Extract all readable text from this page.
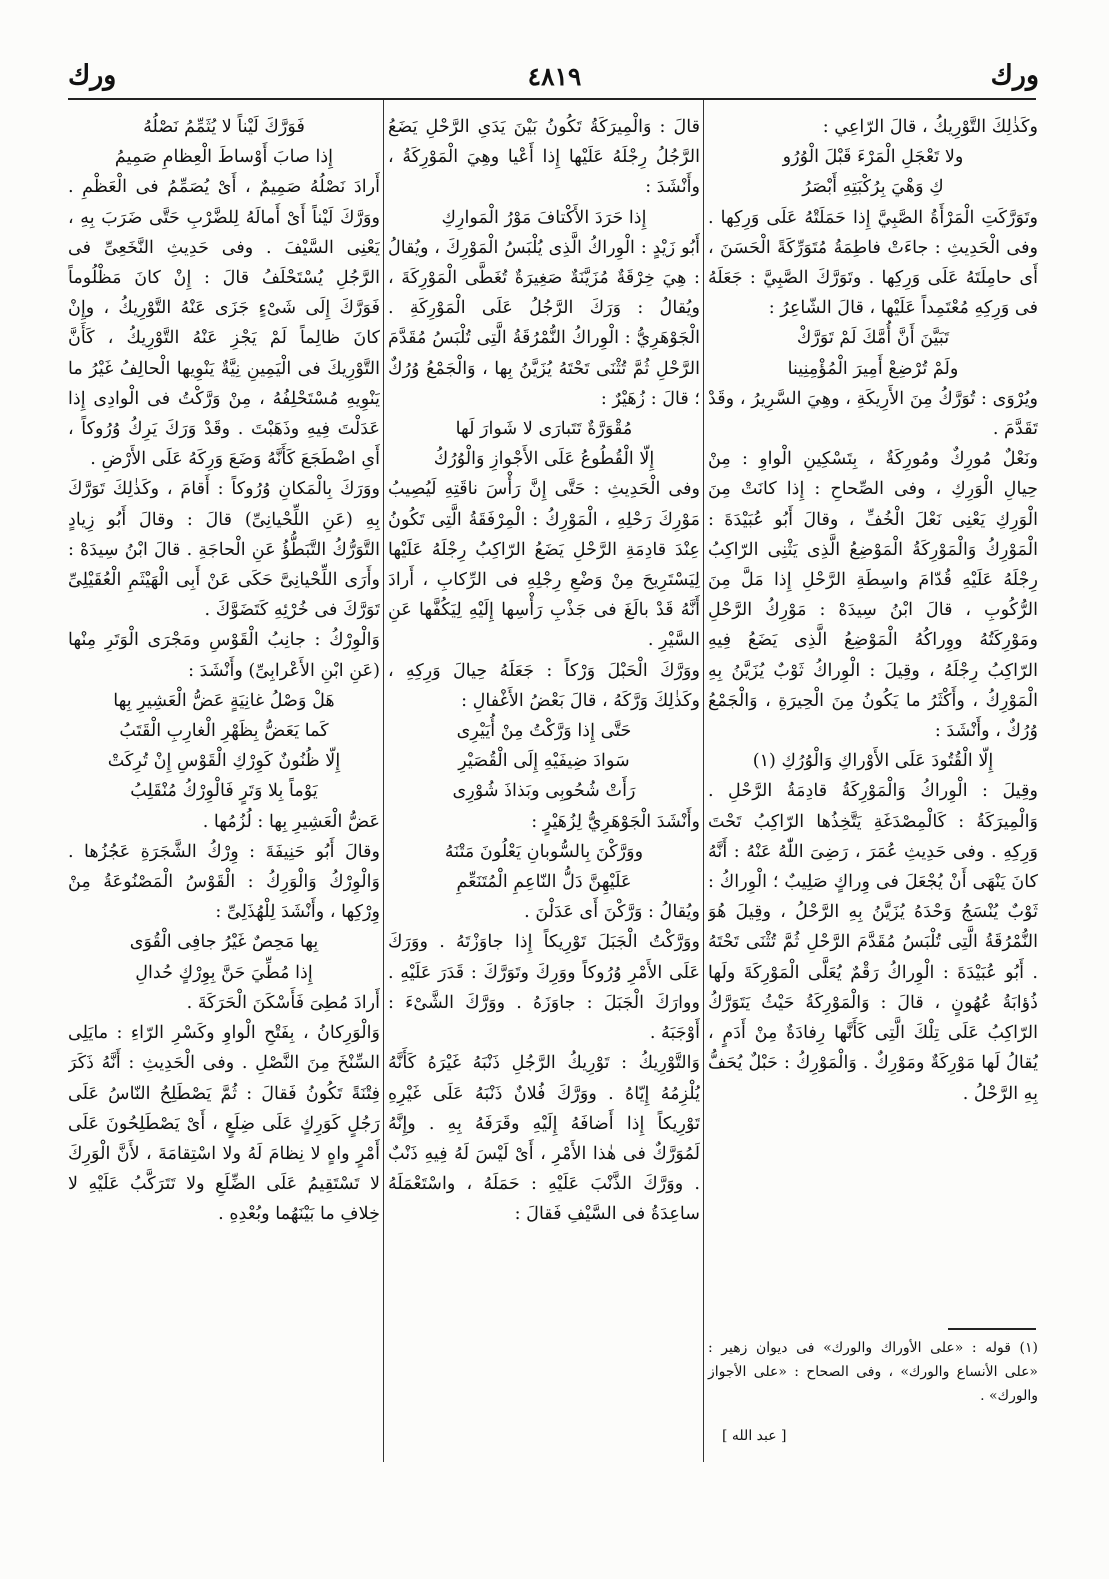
ورك	٤٨١٩	ورك

وكَذٰلِكَ التَّوْرِيكُ ، قالَ الرّاعِي :

ولا تَعْجَلِ الْمَرْءَ قَبْلَ الْوُرُو

كِ وَهْيَ بِرُكْبَتِهِ أَبْصَرُ

وتَوَرَّكَتِ الْمَرْأَةُ الصَّبِيَّ إِذا حَمَلَتْهُ عَلَى وَرِكِها . وفى الْحَدِيثِ : جاءَتْ فاطِمَةُ مُتَوَرِّكَةً الْحَسَنَ ، أَى حامِلَتَهُ عَلَى وَرِكِها . وتَوَرَّكَ الصَّبِيَّ : جَعَلَهُ فى وَرِكِهِ مُعْتَمِداً عَلَيْها ، قالَ الشّاعِرُ :

تَبَيَّنَ أَنَّ أُمَّكَ لَمْ تَوَرَّكْ

ولَمْ تُرْضِعْ أَمِيرَ الْمُؤْمِنِينا

ويُرْوَى : تُوَرَّكُ مِنَ الأَرِيكَةِ ، وهِيَ السَّرِيرُ ، وقَدْ تَقَدَّمَ .

ونَعْلٌ مُورِكٌ ومُورِكَةٌ ، بِتَسْكِينِ الْواوِ : مِنْ حِيالِ الْوَرِكِ ، وفى الصِّحاحِ : إِذا كانَتْ مِنَ الْوَرِكِ يَعْنِى نَعْلَ الْخُفِّ ، وقالَ أَبُو عُبَيْدَةَ : الْمَوْرِكُ وَالْمَوْرِكَةُ الْمَوْضِعُ الَّذِى يَثْنِى الرّاكِبُ رِجْلَهُ عَلَيْهِ قُدّامَ واسِطَةِ الرَّحْلِ إِذا مَلَّ مِنَ الرُّكُوبِ ، قالَ ابْنُ سِيدَهْ : مَوْرِكُ الرَّحْلِ ومَوْرِكَتُهُ ووِراكُهُ الْمَوْضِعُ الَّذِى يَضَعُ فِيهِ الرّاكِبُ رِجْلَهُ ، وقِيلَ : الْوِراكُ ثَوْبٌ يُزَيَّنُ بِهِ الْمَوْرِكُ ، وأَكْثَرُ ما يَكُونُ مِنَ الْحِيرَةِ ، وَالْجَمْعُ وُرُكٌ ، وأَنْشَدَ :

إِلّا الْقُتُودَ عَلَى الأَوْراكِ وَالْوُرُكِ (١)

وقِيلَ : الْوِراكُ وَالْمَوْرِكَةُ قادِمَةُ الرَّحْلِ . وَالْمِيرَكَةُ : كَالْمِصْدَغَةِ يَتَّخِذُها الرّاكِبُ تَحْتَ وَرِكِهِ . وفى حَدِيثِ عُمَرَ ، رَضِىَ اللّٰهُ عَنْهُ : أَنَّهُ كانَ يَنْهَى أَنْ يُجْعَلَ فى وِراكٍ صَلِيبٌ ؛ الْوِراكُ : ثَوْبٌ يُنْسَجُ وَحْدَهُ يُزَيَّنُ بِهِ الرَّحْلُ ، وقِيلَ هُوَ النُّمْرُقَةُ الَّتِى تُلْبَسُ مُقَدَّمَ الرَّحْلِ ثُمَّ تُثْنَى تَحْتَهُ . أَبُو عُبَيْدَةَ : الْوِراكُ رَقْمٌ يُعَلَّى الْمَوْرِكَةَ ولَها ذُؤابَةُ عُهُونٍ ، قالَ : وَالْمَوْرِكَةُ حَيْثُ يَتَوَرَّكُ الرّاكِبُ عَلَى تِلْكَ الَّتِى كَأَنَّها رِفادَةٌ مِنْ أَدَمٍ ، يُقالُ لَها مَوْرِكَةٌ ومَوْرِكٌ . وَالْمَوْرِكُ : حَبْلٌ يُحَفُّ بِهِ الرَّحْلُ .

قالَ : وَالْمِيرَكَةُ تَكُونُ بَيْنَ يَدَىِ الرَّحْلِ يَضَعُ الرَّجُلُ رِجْلَهُ عَلَيْها إِذا أَعْيا وهِيَ الْمَوْرِكَةُ ، وأَنْشَدَ :

إِذا حَرَدَ الأَكْتافَ مَوْرُ الْمَوارِكِ

أَبُو زَيْدٍ : الْوِراكُ الَّذِى يُلْبَسُ الْمَوْرِكَ ، ويُقالُ : هِيَ خِرْقَةٌ مُزَيَّنَةٌ صَغِيرَةٌ تُغَطَّى الْمَوْرِكَةَ ، ويُقالُ : وَرَكَ الرَّجُلُ عَلَى الْمَوْرِكَةِ . الْجَوْهَرِيُّ : الْوِراكُ النُّمْرُقَةُ الَّتِى تُلْبَسُ مُقَدَّمَ الرَّحْلِ ثُمَّ تُثْنَى تَحْتَهُ يُزَيَّنُ بِها ، وَالْجَمْعُ وُرُكٌ ؛ قالَ : زُهَيْرٌ :

مُقْوَرَّةٌ تَتَبارَى لا شَوارَ لَها

إِلّا الْقُطُوعُ عَلَى الأَجْوازِ وَالْوُرُكُ

وفى الْحَدِيثِ : حَتَّى إِنَّ رَأْسَ ناقَتِهِ لَيُصِيبُ مَوْرِكَ رَحْلِهِ ، الْمَوْرِكُ : الْمِرْفَقَةُ الَّتِى تَكُونُ عِنْدَ قادِمَةِ الرَّحْلِ يَضَعُ الرّاكِبُ رِجْلَهُ عَلَيْها لِيَسْتَرِيحَ مِنْ وَضْعِ رِجْلِهِ فى الرِّكابِ ، أَرادَ أَنَّهُ قَدْ بالَغَ فى جَذْبِ رَأْسِها إِلَيْهِ لِيَكُفَّها عَنِ السَّيْرِ .

ووَرَّكَ الْحَبْلَ وَرْكاً : جَعَلَهُ حِيالَ وَرِكِهِ ، وكَذٰلِكَ وَرَّكَهُ ، قالَ بَعْضُ الأَغْفالِ :

حَتَّى إِذا وَرَّكْتُ مِنْ أُيَيْرِى

سَوادَ ضِيفَيْهِ إِلَى الْقُصَيْرِ

رَأَتْ شُحُوبِى وبَذاذَ شُوْرِى

وأَنْشَدَ الْجَوْهَرِيُّ لِزُهَيْرٍ :

ووَرَّكْنَ بِالسُّوبانِ يَعْلُونَ مَتْنَهُ

عَلَيْهِنَّ دَلُّ النّاعِمِ الْمُتَنَعِّمِ

ويُقالُ : وَرَّكْنَ أَى عَدَلْنَ .

ووَرَّكْتُ الْجَبَلَ تَوْرِيكاً إِذا جاوَزْتَهُ . ووَرَكَ عَلَى الأَمْرِ وُرُوكاً ووَرِكَ وتَوَرَّكَ : قَدَرَ عَلَيْهِ . ووارَكَ الْجَبَلَ : جاوَزَهُ . ووَرَّكَ الشَّىْءَ : أَوْجَبَهُ .

وَالتَّوْرِيكُ : تَوْرِيكُ الرَّجُلِ ذَنْبَهُ غَيْرَهُ كَأَنَّهُ يُلْزِمُهُ إِيّاهُ . ووَرَّكَ فُلانٌ ذَنْبَهُ عَلَى غَيْرِهِ تَوْرِيكاً إِذا أَضافَهُ إِلَيْهِ وقَرَفَهُ بِهِ . وإِنَّهُ لَمُوَرَّكٌ فى هٰذا الأَمْرِ ، أَىْ لَيْسَ لَهُ فِيهِ ذَنْبٌ . ووَرَّكَ الذَّنْبَ عَلَيْهِ : حَمَلَهُ ، واسْتَعْمَلَهُ ساعِدَةُ فى السَّيْفِ فَقالَ :

فَوَرَّكَ لَيْناً لا يُثَمِّمُ نَصْلُهُ

إِذا صابَ أَوْساطَ الْعِظامِ صَمِيمُ

أَرادَ نَصْلُهُ صَمِيمٌ ، أَىْ يُصَمِّمُ فى الْعَظْمِ . ووَرَّكَ لَيْناً أَىْ أَمالَهُ لِلضَّرْبِ حَتَّى ضَرَبَ بِهِ ، يَعْنِى السَّيْفَ . وفى حَدِيثِ النَّخَعِىِّ فى الرَّجُلِ يُسْتَحْلَفُ قالَ : إِنْ كانَ مَظْلُوماً فَوَرَّكَ إِلَى شَىْءٍ جَزَى عَنْهُ التَّوْرِيكُ ، وإِنْ كانَ ظالِماً لَمْ يَجْزِ عَنْهُ التَّوْرِيكُ ، كَأَنَّ التَّوْرِيكَ فى الْيَمِينِ نِيَّةٌ يَنْوِيها الْحالِفُ غَيْرُ ما يَنْوِيهِ مُسْتَحْلِفُهُ ، مِنْ وَرَّكْتُ فى الْوادِى إِذا عَدَلْتَ فِيهِ وذَهَبْتَ . وقَدْ وَرَكَ يَرِكُ وُرُوكاً ، أَىِ اضْطَجَعَ كَأَنَّهُ وَضَعَ وَرِكَهُ عَلَى الأَرْضِ .

ووَرَكَ بِالْمَكانِ وُرُوكاً : أَقامَ ، وكَذٰلِكَ تَوَرَّكَ بِهِ (عَنِ اللِّحْيانِىِّ) قالَ : وقالَ أَبُو زِيادٍ التَّوَرُّكُ التَّبَطُّؤُ عَنِ الْحاجَةِ . قالَ ابْنُ سِيدَهْ : وأَرَى اللِّحْيانِىَّ حَكَى عَنْ أَبِى الْهَيْثَمِ الْعُقَيْلِىِّ تَوَرَّكَ فى خُرْئِهِ كَتَضَوَّكَ .

وَالْوِرْكُ : جانِبُ الْقَوْسِ ومَجْرَى الْوَتَرِ مِنْها (عَنِ ابْنِ الأَعْرابِىِّ) وأَنْشَدَ :

هَلْ وَصْلُ غانِيَةٍ عَضُّ الْعَشِيرِ بِها

كَما يَعَضُّ بِظَهْرِ الْغارِبِ الْقَتَبُ

إِلّا ظُنُونٌ كَوِرْكِ الْقَوْسِ إِنْ تُرِكَتْ

يَوْماً بِلا وَتَرٍ فَالْوِرْكُ مُنْقَلِبُ

عَضُّ الْعَشِيرِ بِها : لُزُمُها .

وقالَ أَبُو حَنِيفَةَ : وِرْكُ الشَّجَرَةِ عَجُزُها . وَالْوِرْكُ وَالْوَرِكُ : الْقَوْسُ الْمَصْنُوعَةُ مِنْ وِرْكِها ، وأَنْشَدَ لِلْهُذَلِىِّ :

بِها مَحِصٌ غَيْرُ جافِى الْقُوَى

إِذا مُطِّيَ حَنَّ بِوِرْكٍ حُدالِ

أَرادَ مُطِىَ فَأَسْكَنَ الْحَرَكَةَ .

وَالْوَرِكانُ ، بِفَتْحِ الْواوِ وكَسْرِ الرّاءِ : مايَلِى السِّنْخَ مِنَ النَّصْلِ . وفى الْحَدِيثِ : أَنَّهُ ذَكَرَ فِتْنَةً تَكُونُ فَقالَ : ثُمَّ يَصْطَلِحُ النّاسُ عَلَى رَجُلٍ كَوَرِكٍ عَلَى ضِلَعٍ ، أَىْ يَصْطَلِحُونَ عَلَى أَمْرٍ واهٍ لا نِظامَ لَهُ ولا اسْتِقامَةَ ، لأَنَّ الْوَرِكَ لا تَسْتَقِيمُ عَلَى الضِّلَعِ ولا تَتَرَكَّبُ عَلَيْهِ لا خِلافِ ما بَيْنَهُما وبُعْدِهِ .

(١) قوله : «على الأوراك والورك» فى ديوان زهير : «على الأنساع والورك» ، وفى الصحاح : «على الأجواز والورك» .

[ عبد الله ]
